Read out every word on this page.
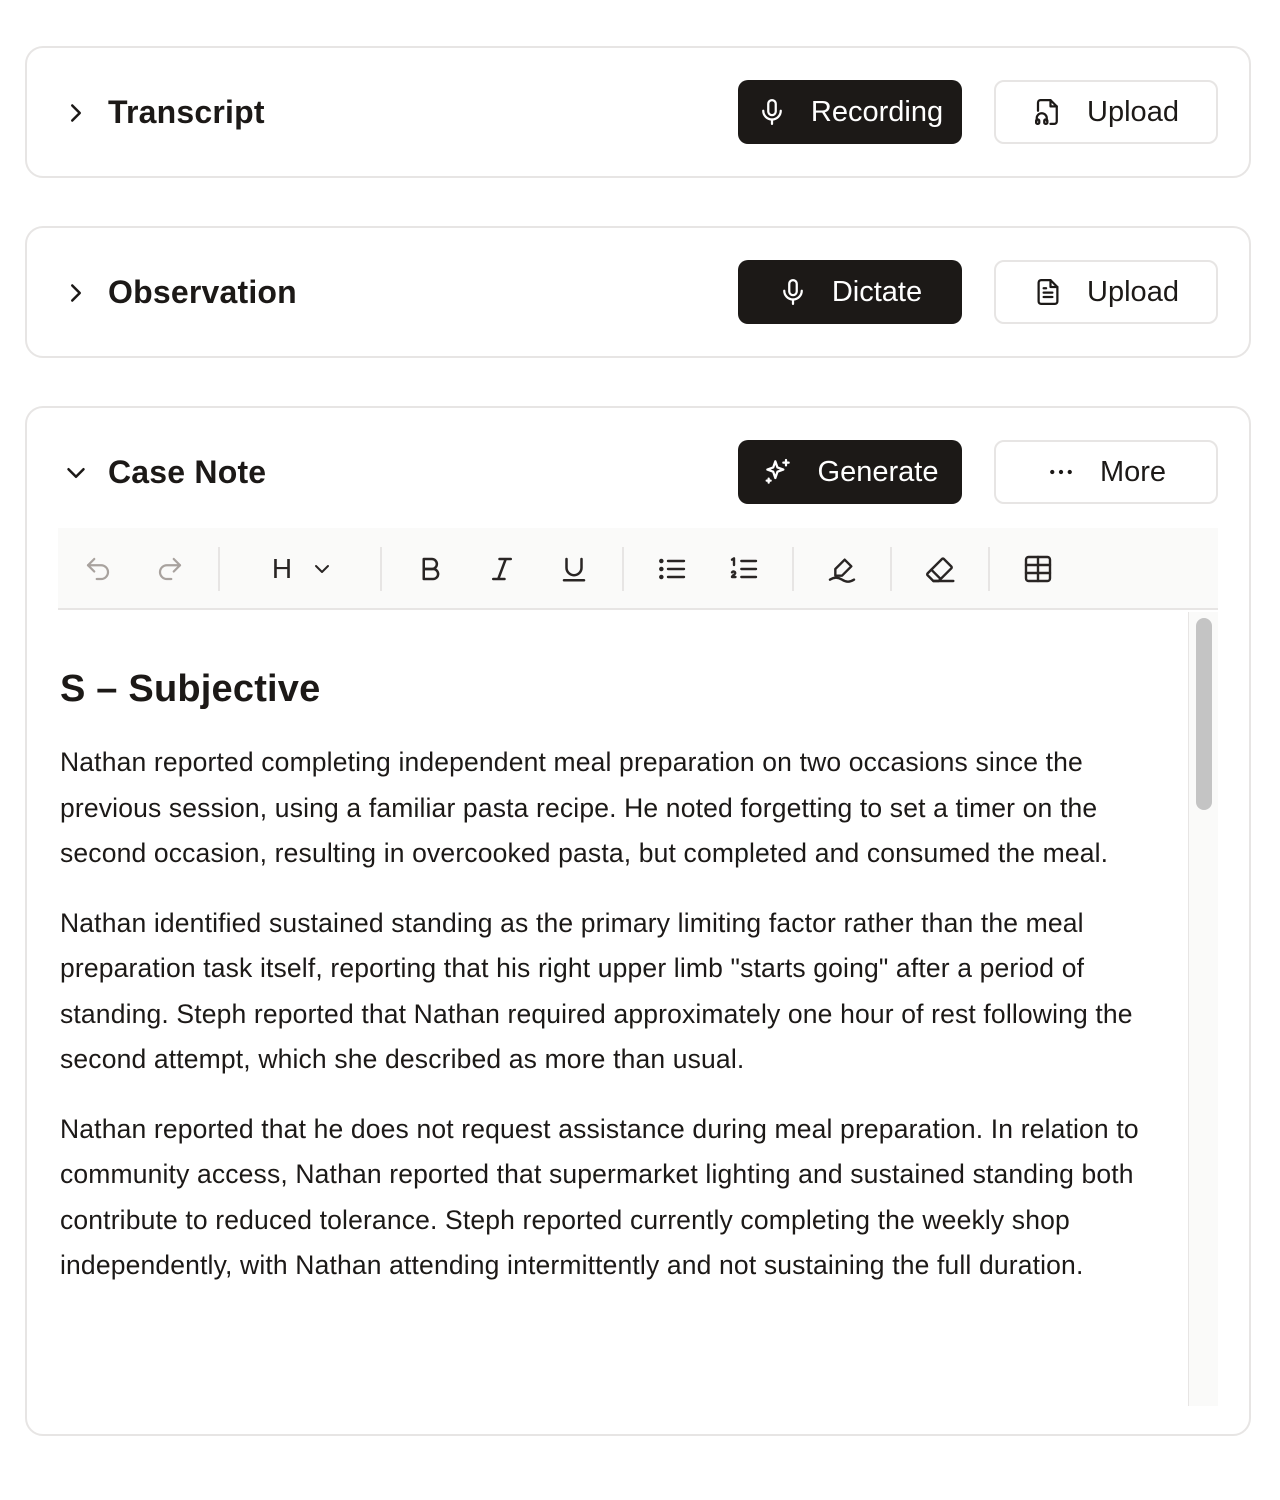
Transcript	Recording	Upload
Observation	Dictate	Upload
Case Note	Generate	More
H
S – Subjective

Nathan reported completing independent meal preparation on two occasions since the previous session, using a familiar pasta recipe. He noted forgetting to set a timer on the second occasion, resulting in overcooked pasta, but completed and consumed the meal.

Nathan identified sustained standing as the primary limiting factor rather than the meal preparation task itself, reporting that his right upper limb "starts going" after a period of standing. Steph reported that Nathan required approximately one hour of rest following the second attempt, which she described as more than usual.

Nathan reported that he does not request assistance during meal preparation. In relation to community access, Nathan reported that supermarket lighting and sustained standing both contribute to reduced tolerance. Steph reported currently completing the weekly shop independently, with Nathan attending intermittently and not sustaining the full duration.
